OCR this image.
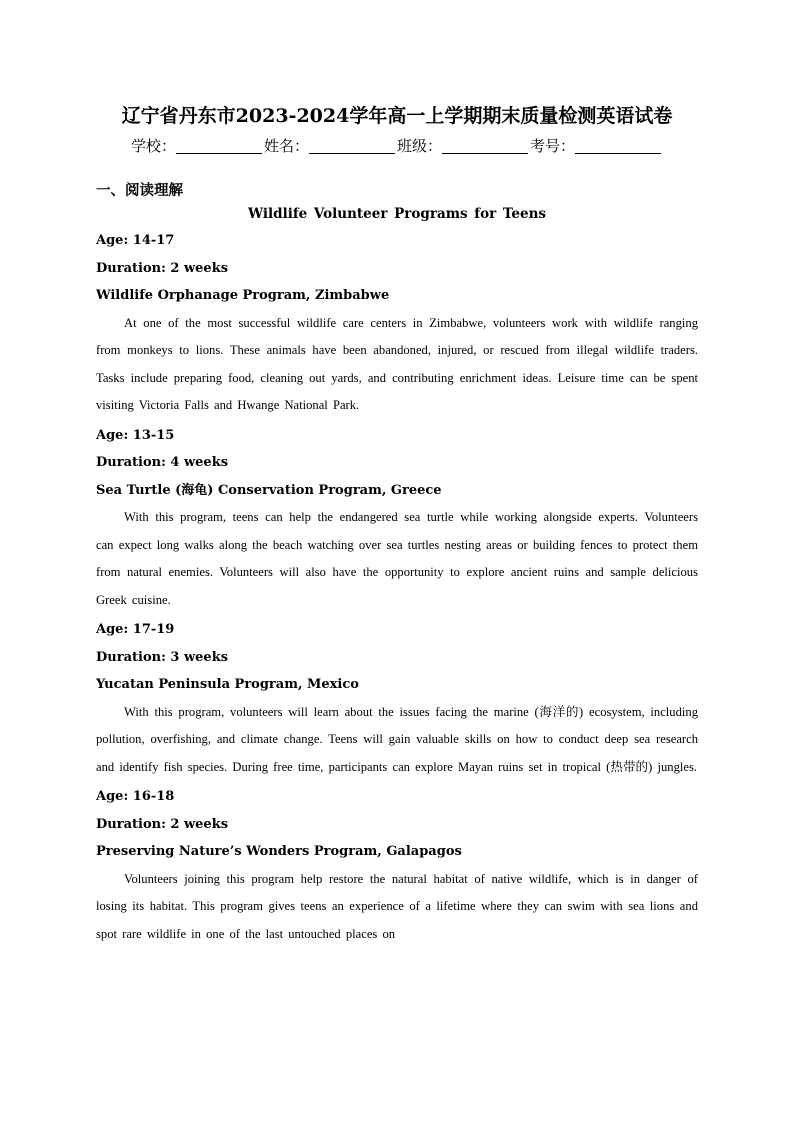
辽宁省丹东市2023-2024学年高一上学期期末质量检测英语试卷
学校：	姓名：	班级：	考号：
一、阅读理解
Wildlife Volunteer Programs for Teens
Age: 14-17
Duration: 2 weeks
Wildlife Orphanage Program, Zimbabwe

At one of the most successful wildlife care centers in Zimbabwe, volunteers work with wildlife ranging from monkeys to lions. These animals have been abandoned, injured, or rescued from illegal wildlife traders. Tasks include preparing food, cleaning out yards, and contributing enrichment ideas. Leisure time can be spent visiting Victoria Falls and Hwange National Park.

Age: 13-15
Duration: 4 weeks
Sea Turtle (海龟) Conservation Program, Greece

With this program, teens can help the endangered sea turtle while working alongside experts. Volunteers can expect long walks along the beach watching over sea turtles nesting areas or building fences to protect them from natural enemies. Volunteers will also have the opportunity to explore ancient ruins and sample delicious Greek cuisine.

Age: 17-19
Duration: 3 weeks
Yucatan Peninsula Program, Mexico

With this program, volunteers will learn about the issues facing the marine (海洋的) ecosystem, including pollution, overfishing, and climate change. Teens will gain valuable skills on how to conduct deep sea research and identify fish species. During free time, participants can explore Mayan ruins set in tropical (热带的) jungles.

Age: 16-18
Duration: 2 weeks
Preserving Nature’s Wonders Program, Galapagos

Volunteers joining this program help restore the natural habitat of native wildlife, which is in danger of losing its habitat. This program gives teens an experience of a lifetime where they can swim with sea lions and spot rare wildlife in one of the last untouched places on
